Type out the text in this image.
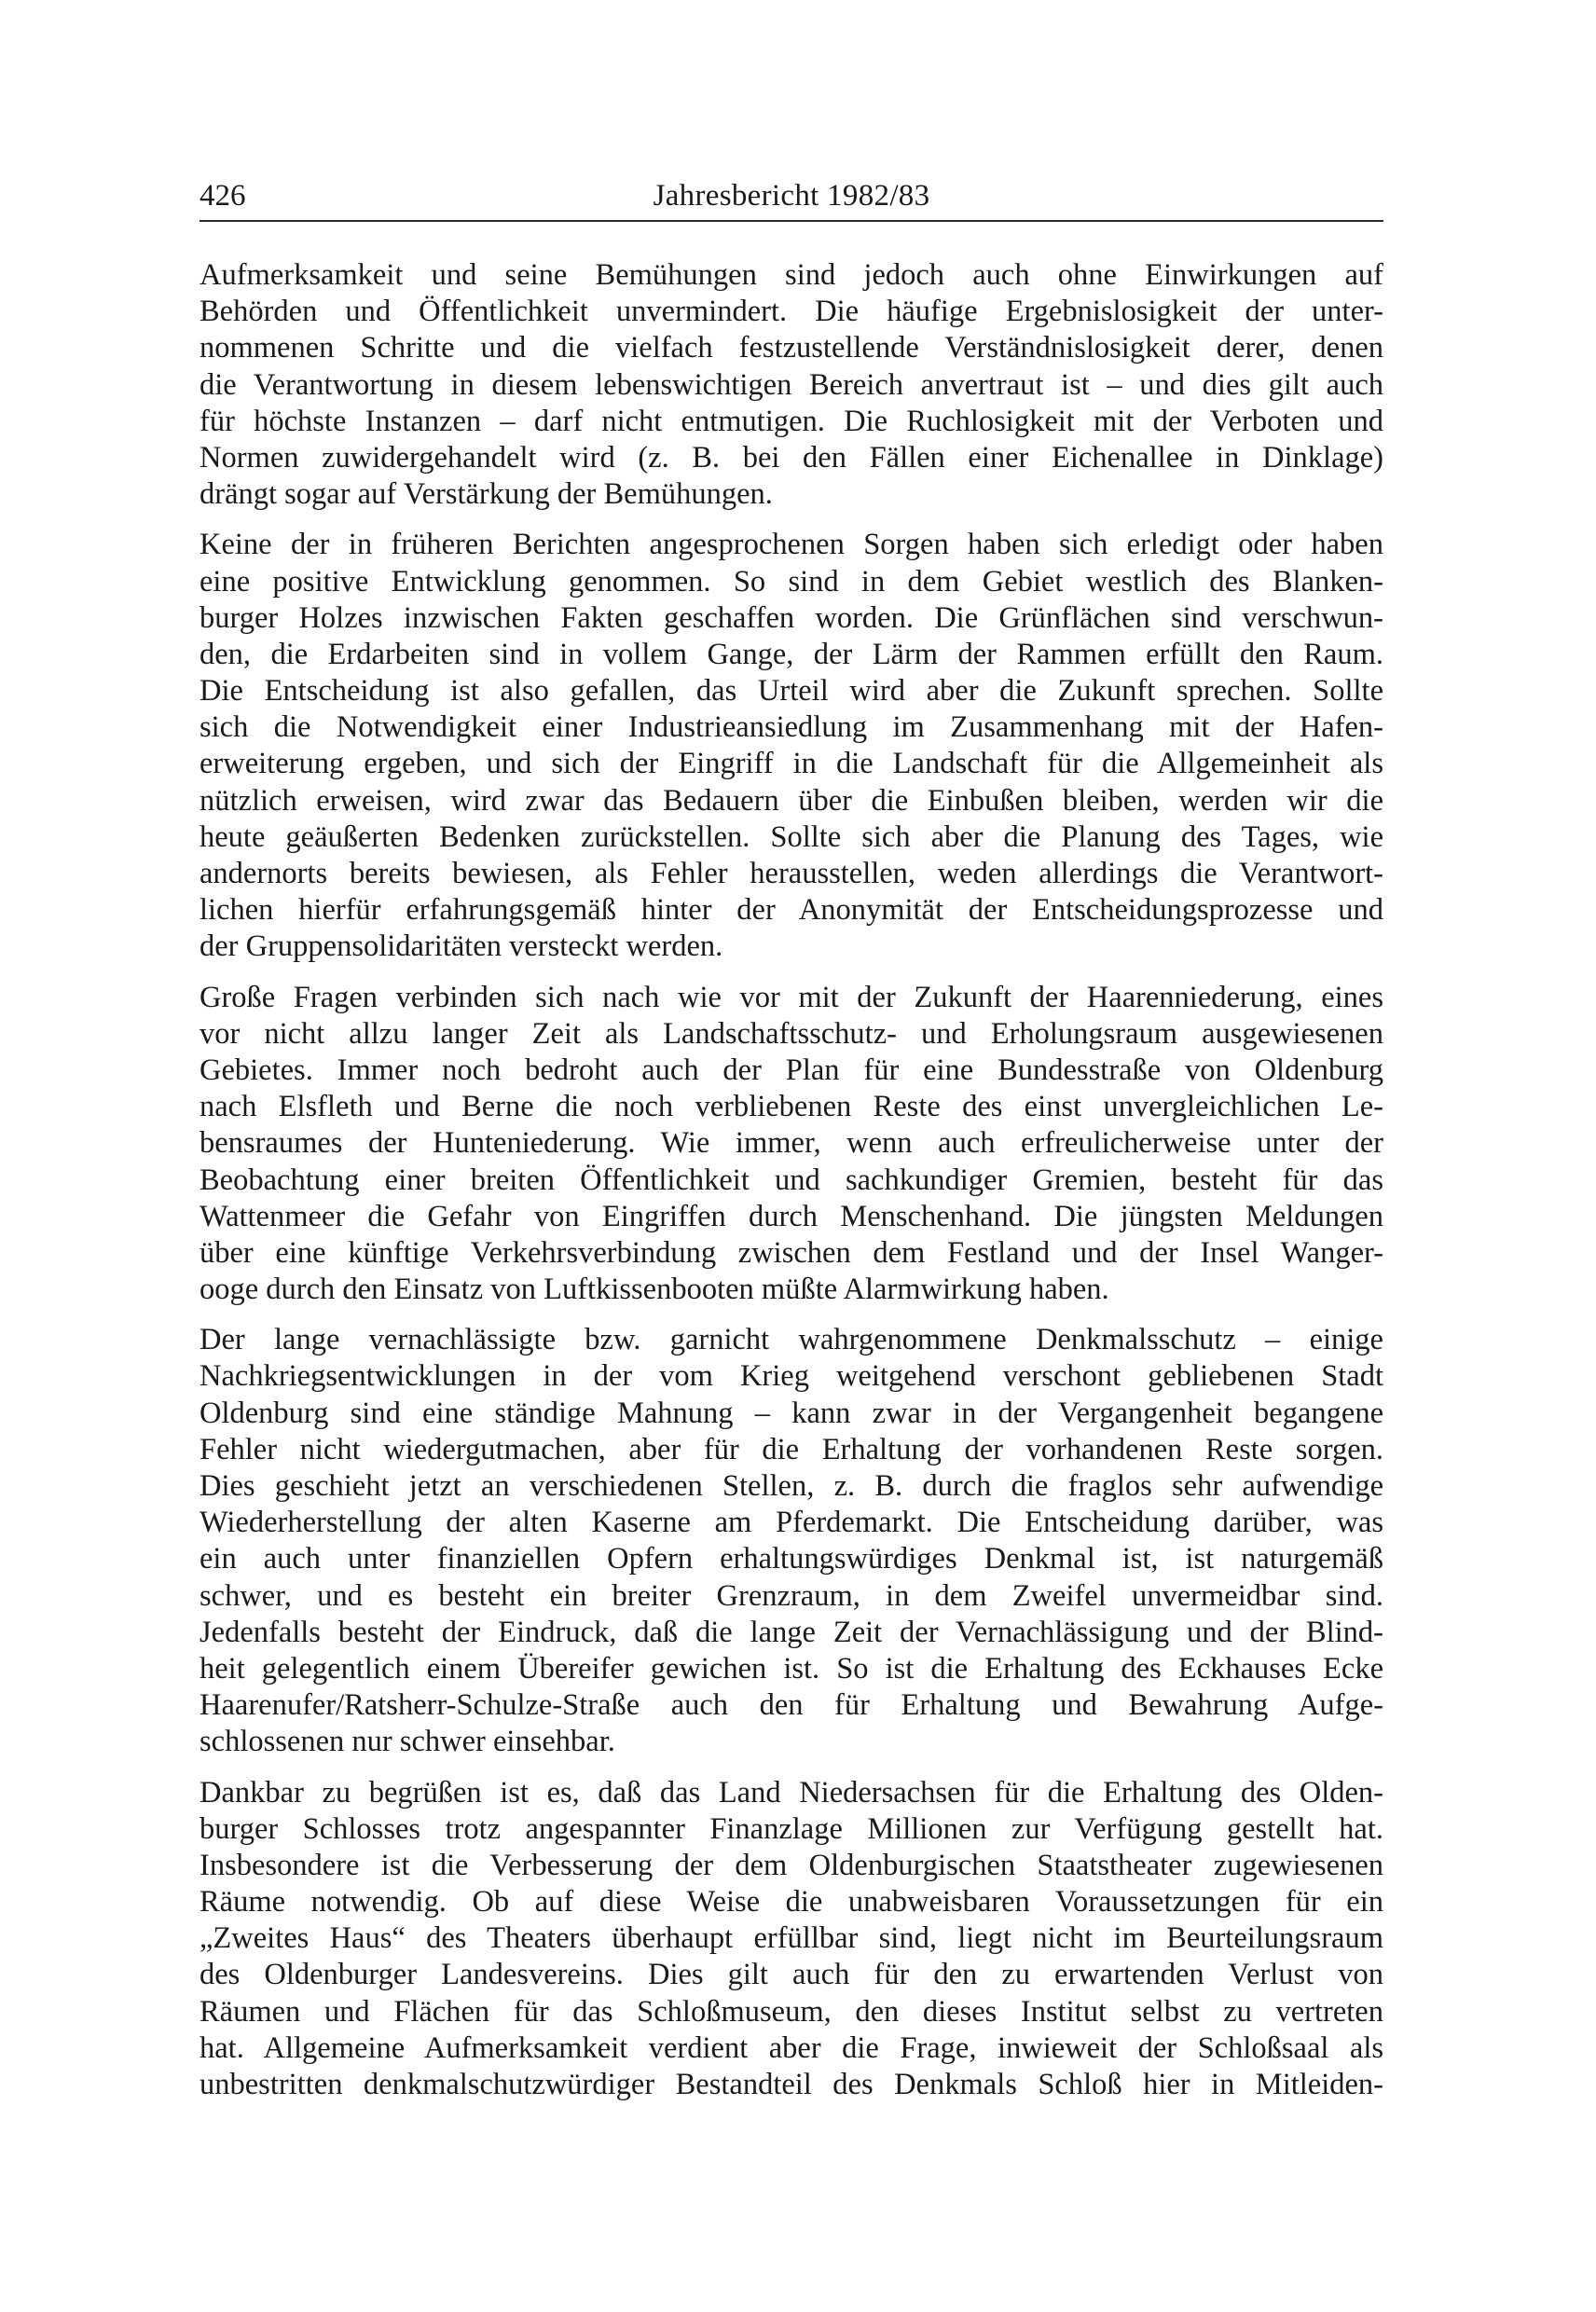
426	Jahresbericht 1982/83
Aufmerksamkeit und seine Bemühungen sind jedoch auch ohne Einwirkungen auf
Behörden und Öffentlichkeit unvermindert. Die häufige Ergebnislosigkeit der unter-
nommenen Schritte und die vielfach festzustellende Verständnislosigkeit derer, denen
die Verantwortung in diesem lebenswichtigen Bereich anvertraut ist – und dies gilt auch
für höchste Instanzen – darf nicht entmutigen. Die Ruchlosigkeit mit der Verboten und
Normen zuwidergehandelt wird (z. B. bei den Fällen einer Eichenallee in Dinklage)
drängt sogar auf Verstärkung der Bemühungen.
Keine der in früheren Berichten angesprochenen Sorgen haben sich erledigt oder haben
eine positive Entwicklung genommen. So sind in dem Gebiet westlich des Blanken-
burger Holzes inzwischen Fakten geschaffen worden. Die Grünflächen sind verschwun-
den, die Erdarbeiten sind in vollem Gange, der Lärm der Rammen erfüllt den Raum.
Die Entscheidung ist also gefallen, das Urteil wird aber die Zukunft sprechen. Sollte
sich die Notwendigkeit einer Industrieansiedlung im Zusammenhang mit der Hafen-
erweiterung ergeben, und sich der Eingriff in die Landschaft für die Allgemeinheit als
nützlich erweisen, wird zwar das Bedauern über die Einbußen bleiben, werden wir die
heute geäußerten Bedenken zurückstellen. Sollte sich aber die Planung des Tages, wie
andernorts bereits bewiesen, als Fehler herausstellen, weden allerdings die Verantwort-
lichen hierfür erfahrungsgemäß hinter der Anonymität der Entscheidungsprozesse und
der Gruppensolidaritäten versteckt werden.
Große Fragen verbinden sich nach wie vor mit der Zukunft der Haarenniederung, eines
vor nicht allzu langer Zeit als Landschaftsschutz- und Erholungsraum ausgewiesenen
Gebietes. Immer noch bedroht auch der Plan für eine Bundesstraße von Oldenburg
nach Elsfleth und Berne die noch verbliebenen Reste des einst unvergleichlichen Le-
bensraumes der Hunteniederung. Wie immer, wenn auch erfreulicherweise unter der
Beobachtung einer breiten Öffentlichkeit und sachkundiger Gremien, besteht für das
Wattenmeer die Gefahr von Eingriffen durch Menschenhand. Die jüngsten Meldungen
über eine künftige Verkehrsverbindung zwischen dem Festland und der Insel Wanger-
ooge durch den Einsatz von Luftkissenbooten müßte Alarmwirkung haben.
Der lange vernachlässigte bzw. garnicht wahrgenommene Denkmalsschutz – einige
Nachkriegsentwicklungen in der vom Krieg weitgehend verschont gebliebenen Stadt
Oldenburg sind eine ständige Mahnung – kann zwar in der Vergangenheit begangene
Fehler nicht wiedergutmachen, aber für die Erhaltung der vorhandenen Reste sorgen.
Dies geschieht jetzt an verschiedenen Stellen, z. B. durch die fraglos sehr aufwendige
Wiederherstellung der alten Kaserne am Pferdemarkt. Die Entscheidung darüber, was
ein auch unter finanziellen Opfern erhaltungswürdiges Denkmal ist, ist naturgemäß
schwer, und es besteht ein breiter Grenzraum, in dem Zweifel unvermeidbar sind.
Jedenfalls besteht der Eindruck, daß die lange Zeit der Vernachlässigung und der Blind-
heit gelegentlich einem Übereifer gewichen ist. So ist die Erhaltung des Eckhauses Ecke
Haarenufer/Ratsherr-Schulze-Straße auch den für Erhaltung und Bewahrung Aufge-
schlossenen nur schwer einsehbar.
Dankbar zu begrüßen ist es, daß das Land Niedersachsen für die Erhaltung des Olden-
burger Schlosses trotz angespannter Finanzlage Millionen zur Verfügung gestellt hat.
Insbesondere ist die Verbesserung der dem Oldenburgischen Staatstheater zugewiesenen
Räume notwendig. Ob auf diese Weise die unabweisbaren Voraussetzungen für ein
„Zweites Haus“ des Theaters überhaupt erfüllbar sind, liegt nicht im Beurteilungsraum
des Oldenburger Landesvereins. Dies gilt auch für den zu erwartenden Verlust von
Räumen und Flächen für das Schloßmuseum, den dieses Institut selbst zu vertreten
hat. Allgemeine Aufmerksamkeit verdient aber die Frage, inwieweit der Schloßsaal als
unbestritten denkmalschutzwürdiger Bestandteil des Denkmals Schloß hier in Mitleiden-
